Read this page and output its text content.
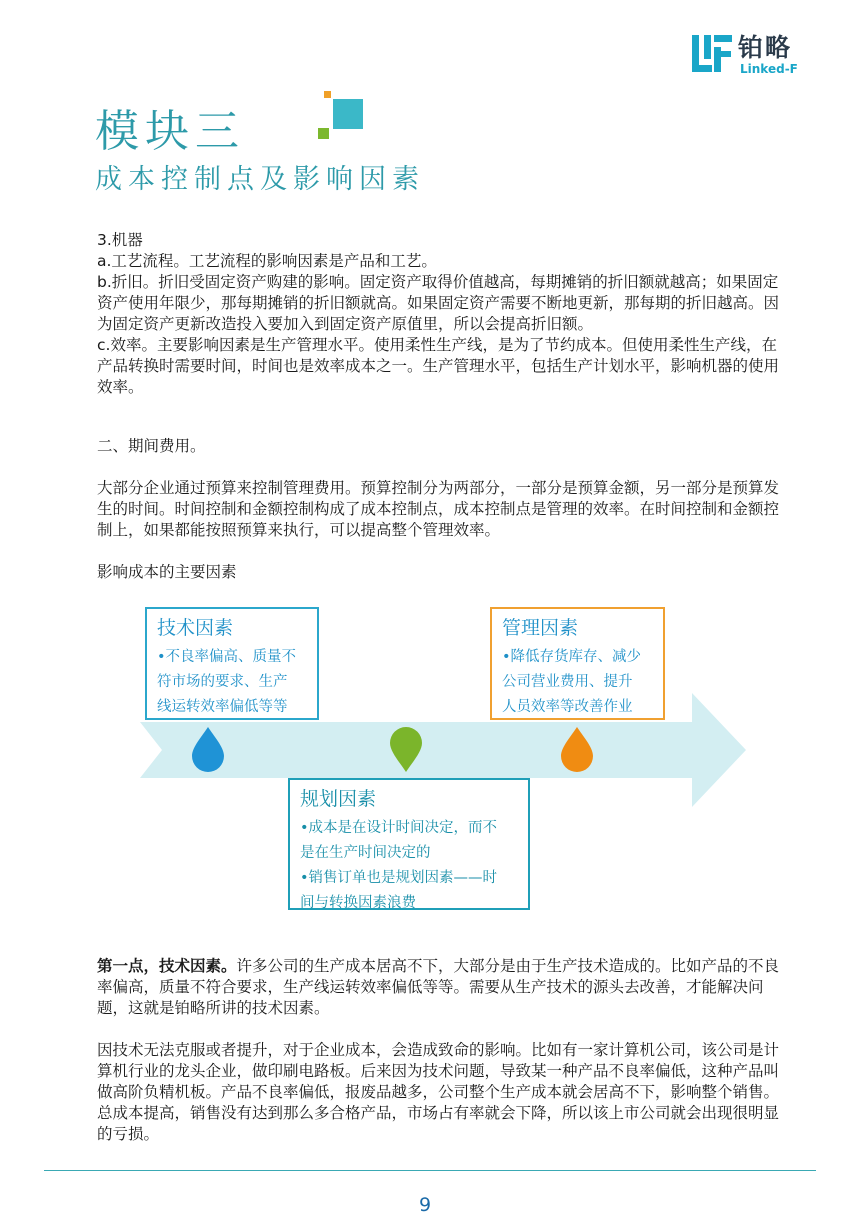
铂略
Linked-F
模块三
成本控制点及影响因素

3.机器

a.工艺流程。工艺流程的影响因素是产品和工艺。

b.折旧。折旧受固定资产购建的影响。固定资产取得价值越高，每期摊销的折旧额就越高；如果固定资产使用年限少，那每期摊销的折旧额就高。如果固定资产需要不断地更新，那每期的折旧越高。因为固定资产更新改造投入要加入到固定资产原值里，所以会提高折旧额。

c.效率。主要影响因素是生产管理水平。使用柔性生产线，是为了节约成本。但使用柔性生产线，在产品转换时需要时间，时间也是效率成本之一。生产管理水平，包括生产计划水平，影响机器的使用效率。

二、期间费用。
大部分企业通过预算来控制管理费用。预算控制分为两部分，一部分是预算金额，另一部分是预算发生的时间。时间控制和金额控制构成了成本控制点，成本控制点是管理的效率。在时间控制和金额控制上，如果都能按照预算来执行，可以提高整个管理效率。
影响成本的主要因素
技术因素
•不良率偏高、质量不
符市场的要求、生产
线运转效率偏低等等
管理因素
•降低存货库存、减少
公司营业费用、提升
人员效率等改善作业
规划因素
•成本是在设计时间决定，而不
是在生产时间决定的
•销售订单也是规划因素——时
间与转换因素浪费

第一点，技术因素。许多公司的生产成本居高不下，大部分是由于生产技术造成的。比如产品的不良率偏高，质量不符合要求，生产线运转效率偏低等等。需要从生产技术的源头去改善，才能解决问题，这就是铂略所讲的技术因素。

因技术无法克服或者提升，对于企业成本，会造成致命的影响。比如有一家计算机公司，该公司是计算机行业的龙头企业，做印刷电路板。后来因为技术问题，导致某一种产品不良率偏低，这种产品叫做高阶负精机板。产品不良率偏低，报废品越多，公司整个生产成本就会居高不下，影响整个销售。总成本提高，销售没有达到那么多合格产品，市场占有率就会下降，所以该上市公司就会出现很明显的亏损。
9
